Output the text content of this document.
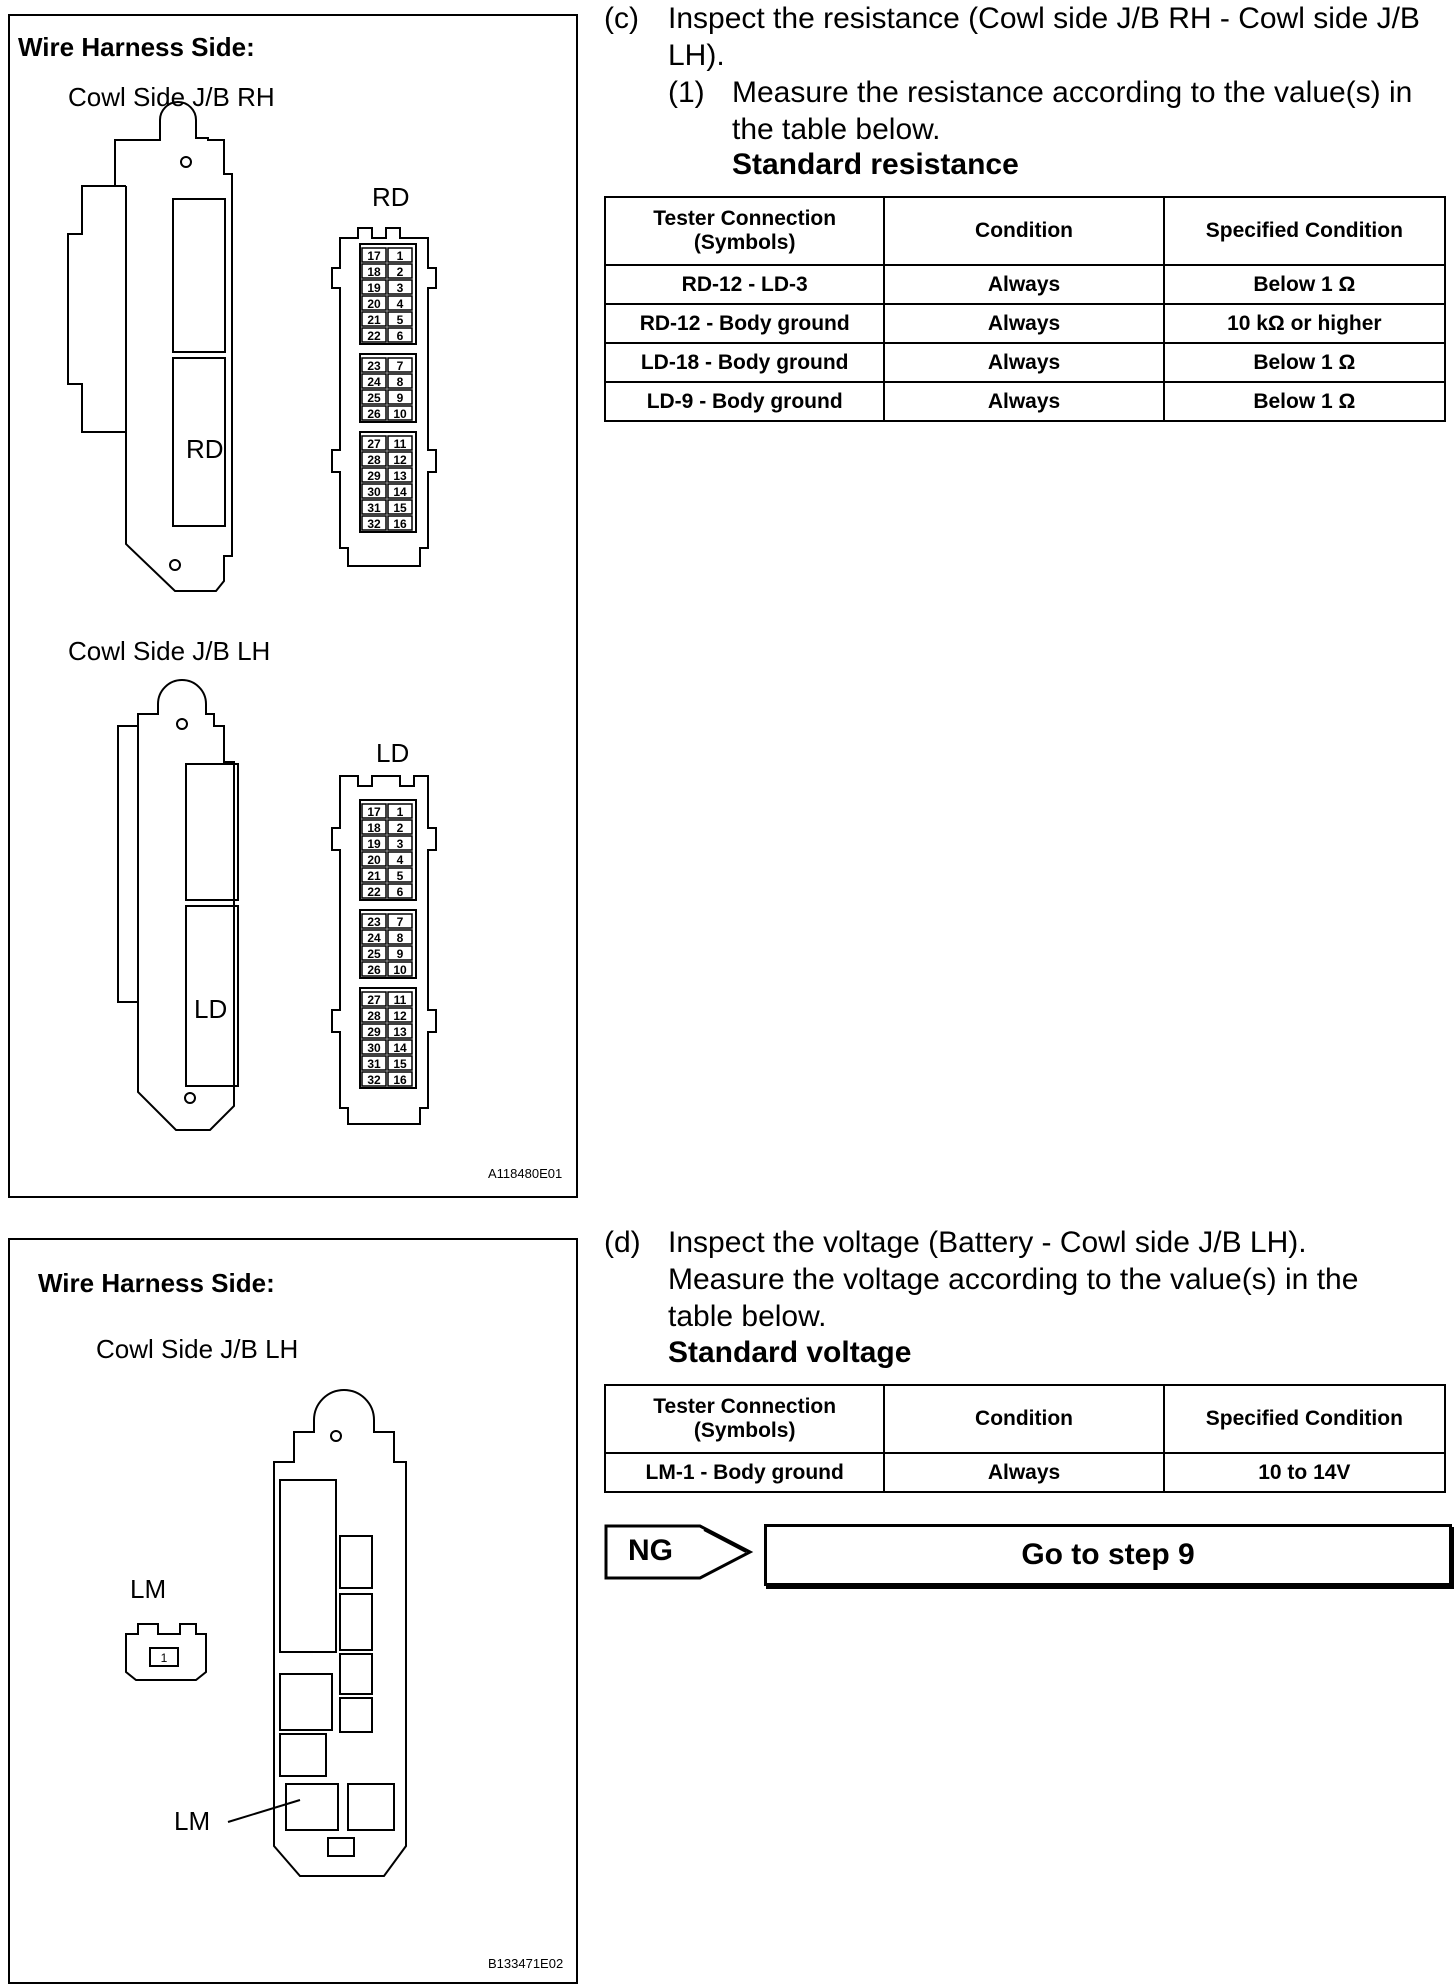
17 1
18 2
19 3
20 4
21 5
22 6
23 7
24 8
25 9
26 10
27 11
28 12
29 13
30 14
31 15
32 16
17 1
18 2
19 3
20 4
21 5
22 6
23 7
24 8
25 9
26 10
27 11
28 12
29 13
30 14
31 15
32 16
Wire Harness Side:
Cowl Side J/B RH
RD
RD
Cowl Side J/B LH
LD
LD
A118480E01
1
Wire Harness Side:
Cowl Side J/B LH
LM
LM
B133471E02
(c) Inspect the resistance (Cowl side J/B RH - Cowl side J/B LH).
(1) Measure the resistance according to the value(s) in the table below.
Standard resistance
Tester Connection (Symbols)	Condition	Specified Condition
RD-12 - LD-3	Always	Below 1 Ω
RD-12 - Body ground	Always	10 kΩ or higher
LD-18 - Body ground	Always	Below 1 Ω
LD-9 - Body ground	Always	Below 1 Ω
(d) Inspect the voltage (Battery - Cowl side J/B LH). Measure the voltage according to the value(s) in the table below.
Standard voltage
Tester Connection (Symbols)	Condition	Specified Condition
LM-1 - Body ground	Always	10 to 14V
NG	Go to step 9
